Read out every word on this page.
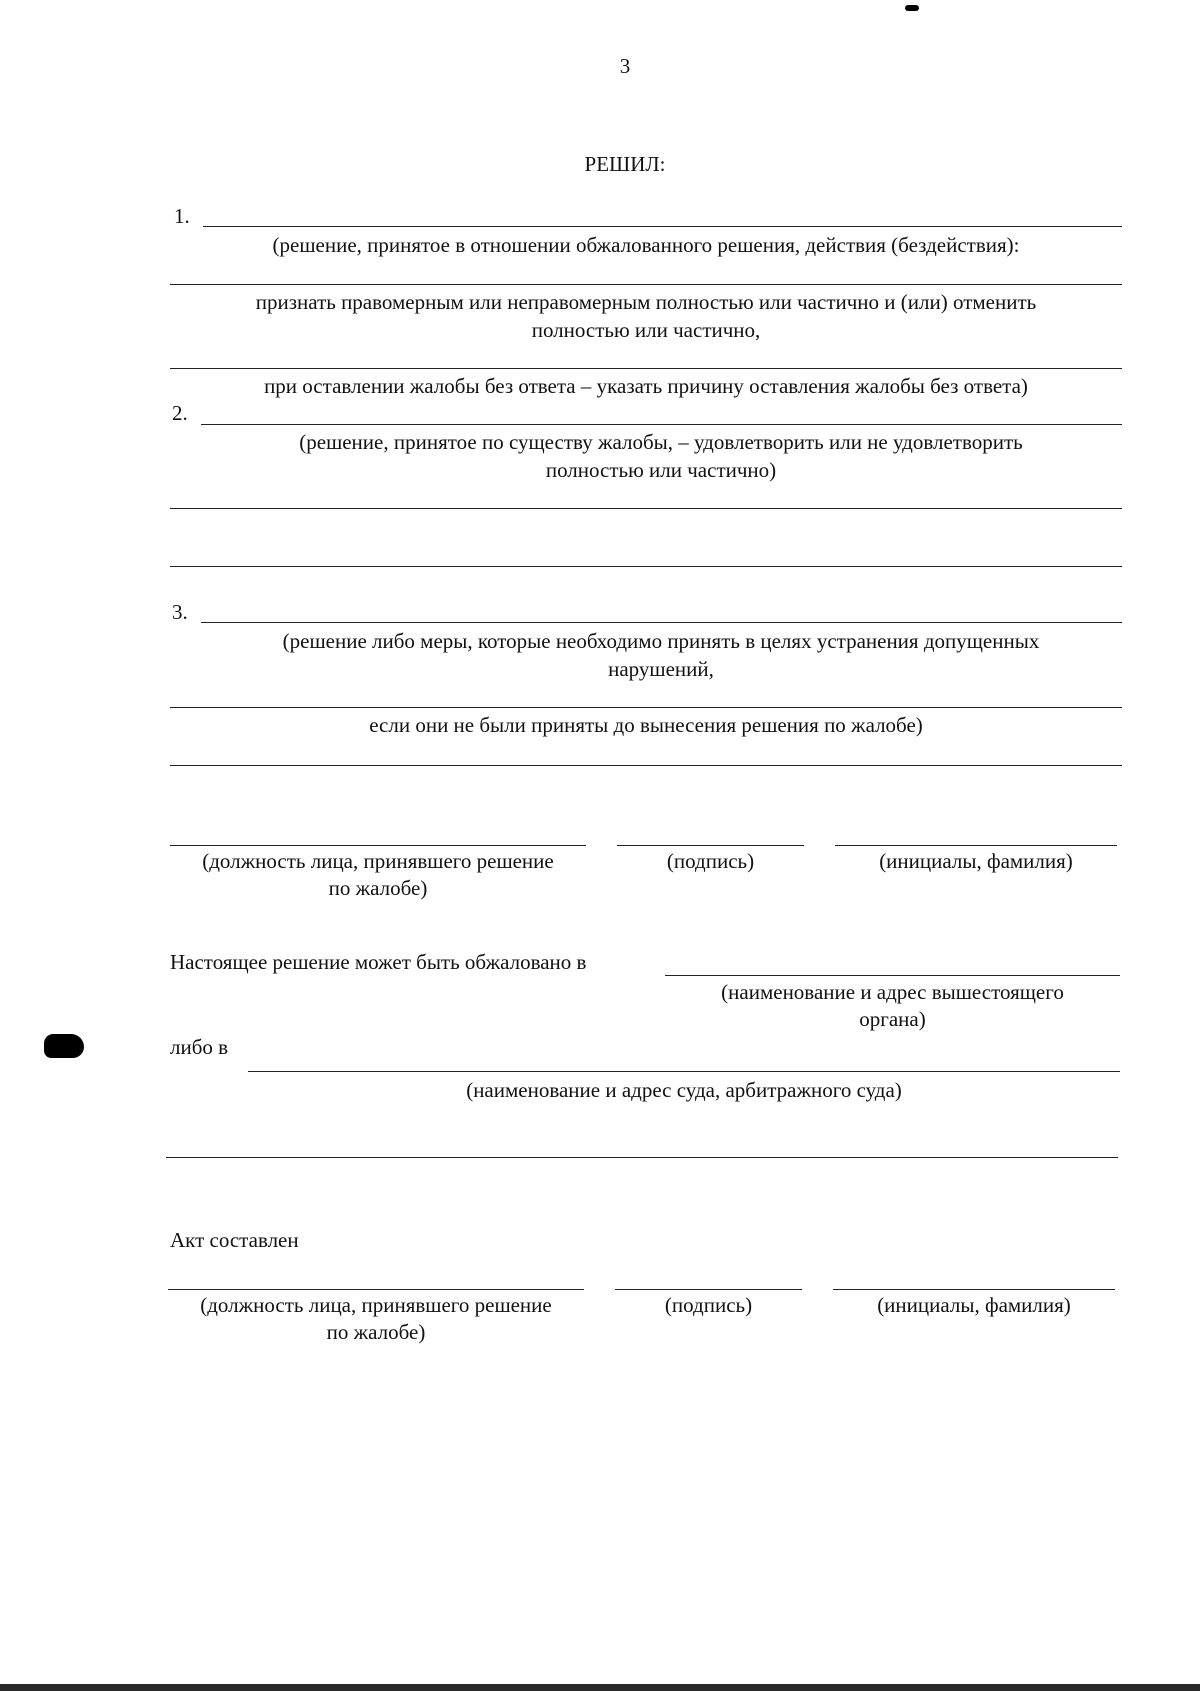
3
РЕШИЛ:
1.
(решение, принятое в отношении обжалованного решения, действия (бездействия):
признать правомерным или неправомерным полностью или частично и (или) отменить
полностью или частично,
при оставлении жалобы без ответа – указать причину оставления жалобы без ответа)
2.
(решение, принятое по существу жалобы, – удовлетворить или не удовлетворить
полностью или частично)
3.
(решение либо меры, которые необходимо принять в целях устранения допущенных
нарушений,
если они не были приняты до вынесения решения по жалобе)
(должность лица, принявшего решение
по жалобе)
(подпись)	(инициалы, фамилия)
Настоящее решение может быть обжаловано в
(наименование и адрес вышестоящего
органа)
либо в
(наименование и адрес суда, арбитражного суда)
Акт составлен
(должность лица, принявшего решение
по жалобе)
(подпись)	(инициалы, фамилия)
